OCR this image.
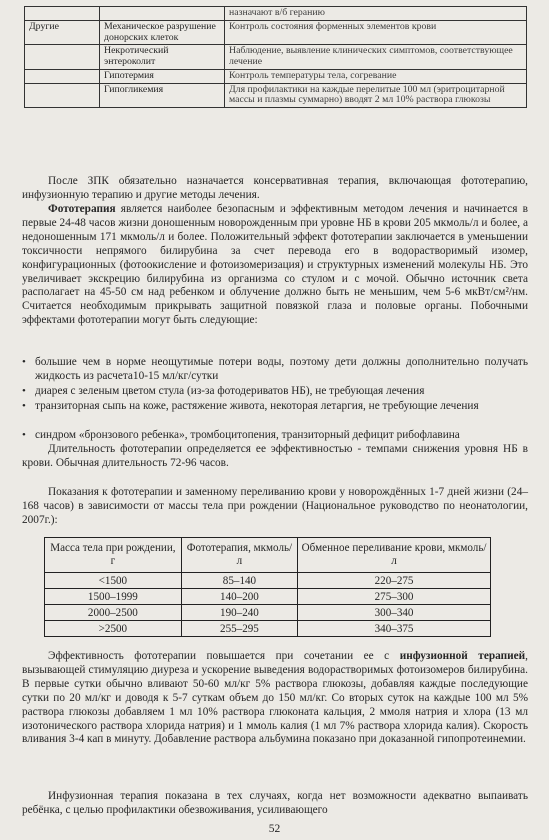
		назначают в/б геранию
Другие	Механическое разрушение донорских клеток	Контроль состояния форменных элементов крови
	Некротический энтероколит	Наблюдение, выявление клинических симптомов, соответствующее лечение
	Гипотермия	Контроль температуры тела, согревание
	Гипогликемия	Для профилактики на каждые перелитые 100 мл (эритроцитарной массы и плазмы суммарно) вводят 2 мл 10% раствора глюкозы

После ЗПК обязательно назначается консервативная терапия, включающая фототерапию, инфузионную терапию и другие методы лечения.

Фототерапия является наиболее безопасным и эффективным методом лечения и начинается в первые 24-48 часов жизни доношенным новорожденным при уровне НБ в крови 205 мкмоль/л и более, а недоношенным 171 мкмоль/л и более. Положительный эффект фототерапии заключается в уменьшении токсичности непрямого билирубина за счет перевода его в водорастворимый изомер, конфигурационных (фотоокисление и фотоизомеризация) и структурных изменений молекулы НБ. Это увеличивает экскрецию билирубина из организма со стулом и с мочой. Обычно источник света располагает на 45-50 см над ребенком и облучение должно быть не меньшим, чем 5-6 мкВт/см²/нм. Считается необходимым прикрывать защитной повязкой глаза и половые органы. Побочными эффектами фототерапии могут быть следующие:

• большие чем в норме неощутимые потери воды, поэтому дети должны дополнительно получать жидкость из расчета10-15 мл/кг/сутки
• диарея с зеленым цветом стула (из-за фотодериватов НБ), не требующая лечения
• транзиторная сыпь на коже, растяжение живота, некоторая летаргия, не требующие лечения
• синдром «бронзового ребенка», тромбоцитопения, транзиторный дефицит рибофлавина

Длительность фототерапии определяется ее эффективностью - темпами снижения уровня НБ в крови. Обычная длительность 72-96 часов.

Показания к фототерапии и заменному переливанию крови у новорождённых 1-7 дней жизни (24–168 часов) в зависимости от массы тела при рождении (Национальное руководство по неонатологии, 2007г.):

Масса тела при рождении, г	Фототерапия, мкмоль/л	Обменное переливание крови, мкмоль/л
<1500	85–140	220–275
1500–1999	140–200	275–300
2000–2500	190–240	300–340
>2500	255–295	340–375

Эффективность фототерапии повышается при сочетании ее с инфузионной терапией, вызывающей стимуляцию диуреза и ускорение выведения водорастворимых фотоизомеров билирубина. В первые сутки обычно вливают 50-60 мл/кг 5% раствора глюкозы, добавляя каждые последующие сутки по 20 мл/кг и доводя к 5-7 суткам объем до 150 мл/кг. Со вторых суток на каждые 100 мл 5% раствора глюкозы добавляем 1 мл 10% раствора глюконата кальция, 2 ммоля натрия и хлора (13 мл изотонического раствора хлорида натрия) и 1 ммоль калия (1 мл 7% раствора хлорида калия). Скорость вливания 3-4 кап в минуту. Добавление раствора альбумина показано при доказанной гипопротеинемии.

Инфузионная терапия показана в тех случаях, когда нет возможности адекватно выпаивать ребёнка, с целью профилактики обезвоживания, усиливающего

52
